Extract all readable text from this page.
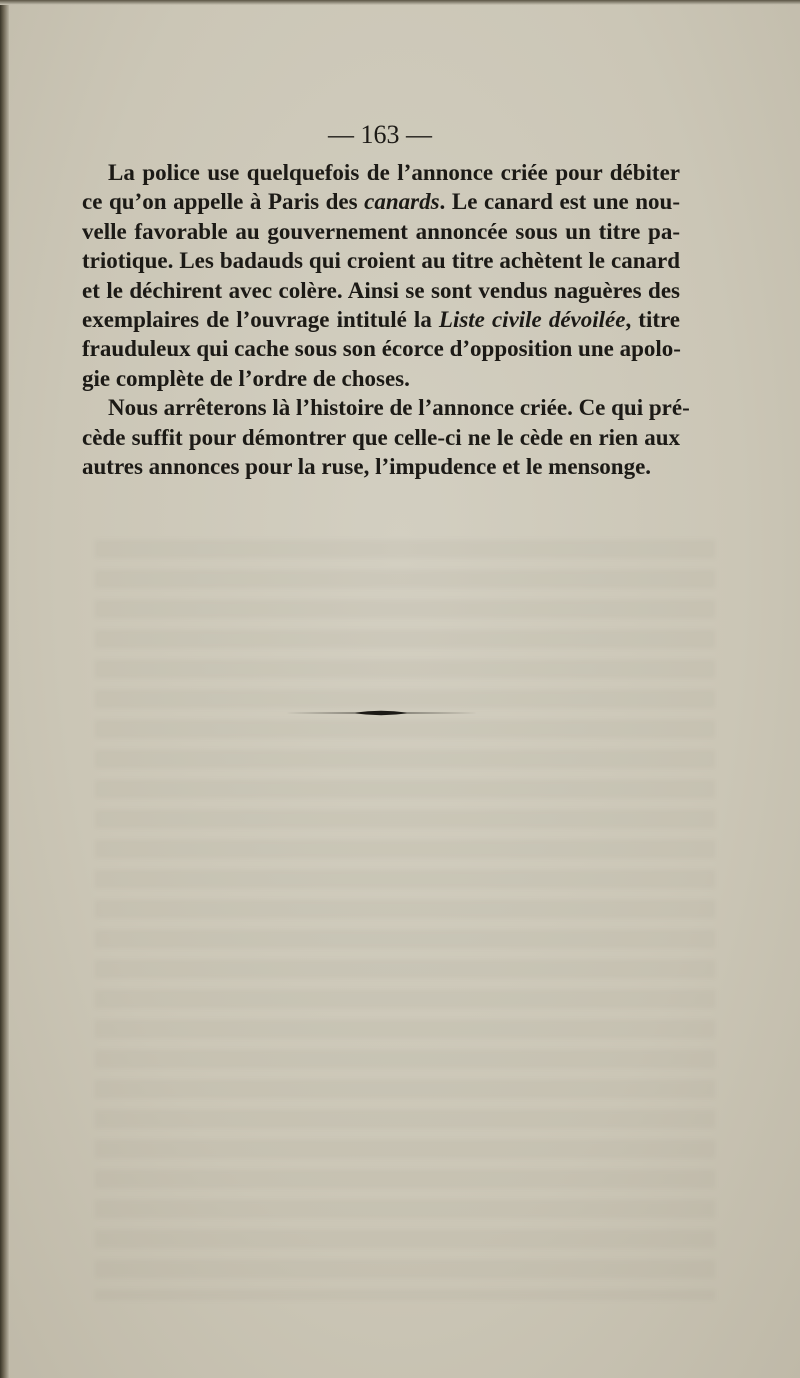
— 163 —

La police use quelquefois de l’annonce criée pour débiter
ce qu’on appelle à Paris des canards. Le canard est une nou-
velle favorable au gouvernement annoncée sous un titre pa-
triotique. Les badauds qui croient au titre achètent le canard
et le déchirent avec colère. Ainsi se sont vendus naguères des
exemplaires de l’ouvrage intitulé la Liste civile dévoilée, titre
frauduleux qui cache sous son écorce d’opposition une apolo-
gie complète de l’ordre de choses.

Nous arrêterons là l’histoire de l’annonce criée. Ce qui pré-
cède suffit pour démontrer que celle-ci ne le cède en rien aux
autres annonces pour la ruse, l’impudence et le mensonge.
